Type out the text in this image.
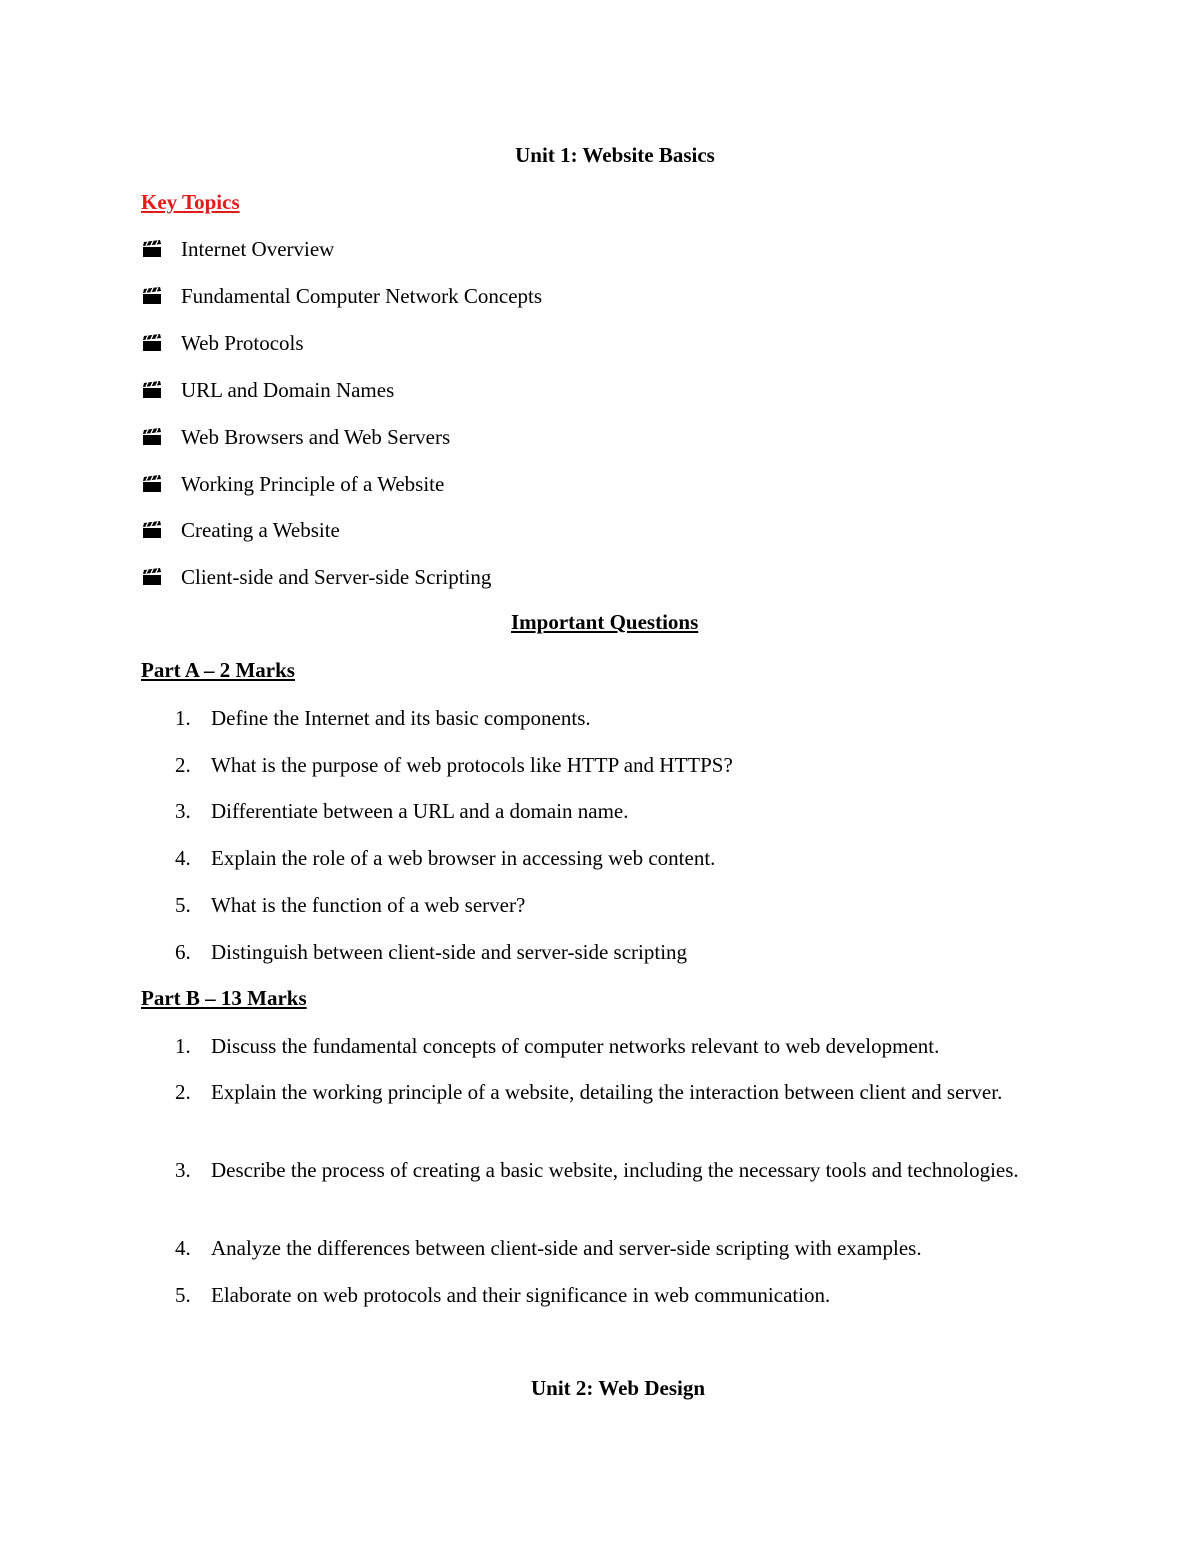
Unit 1: Website Basics
Key Topics
Internet Overview
Fundamental Computer Network Concepts
Web Protocols
URL and Domain Names
Web Browsers and Web Servers
Working Principle of a Website
Creating a Website
Client-side and Server-side Scripting
Important Questions
Part A – 2 Marks
1. Define the Internet and its basic components.
2. What is the purpose of web protocols like HTTP and HTTPS?
3. Differentiate between a URL and a domain name.
4. Explain the role of a web browser in accessing web content.
5. What is the function of a web server?
6. Distinguish between client-side and server-side scripting
Part B – 13 Marks
1. Discuss the fundamental concepts of computer networks relevant to web development.
2. Explain the working principle of a website, detailing the interaction between client and server.
3. Describe the process of creating a basic website, including the necessary tools and technologies.
4. Analyze the differences between client-side and server-side scripting with examples.
5. Elaborate on web protocols and their significance in web communication.
Unit 2: Web Design
